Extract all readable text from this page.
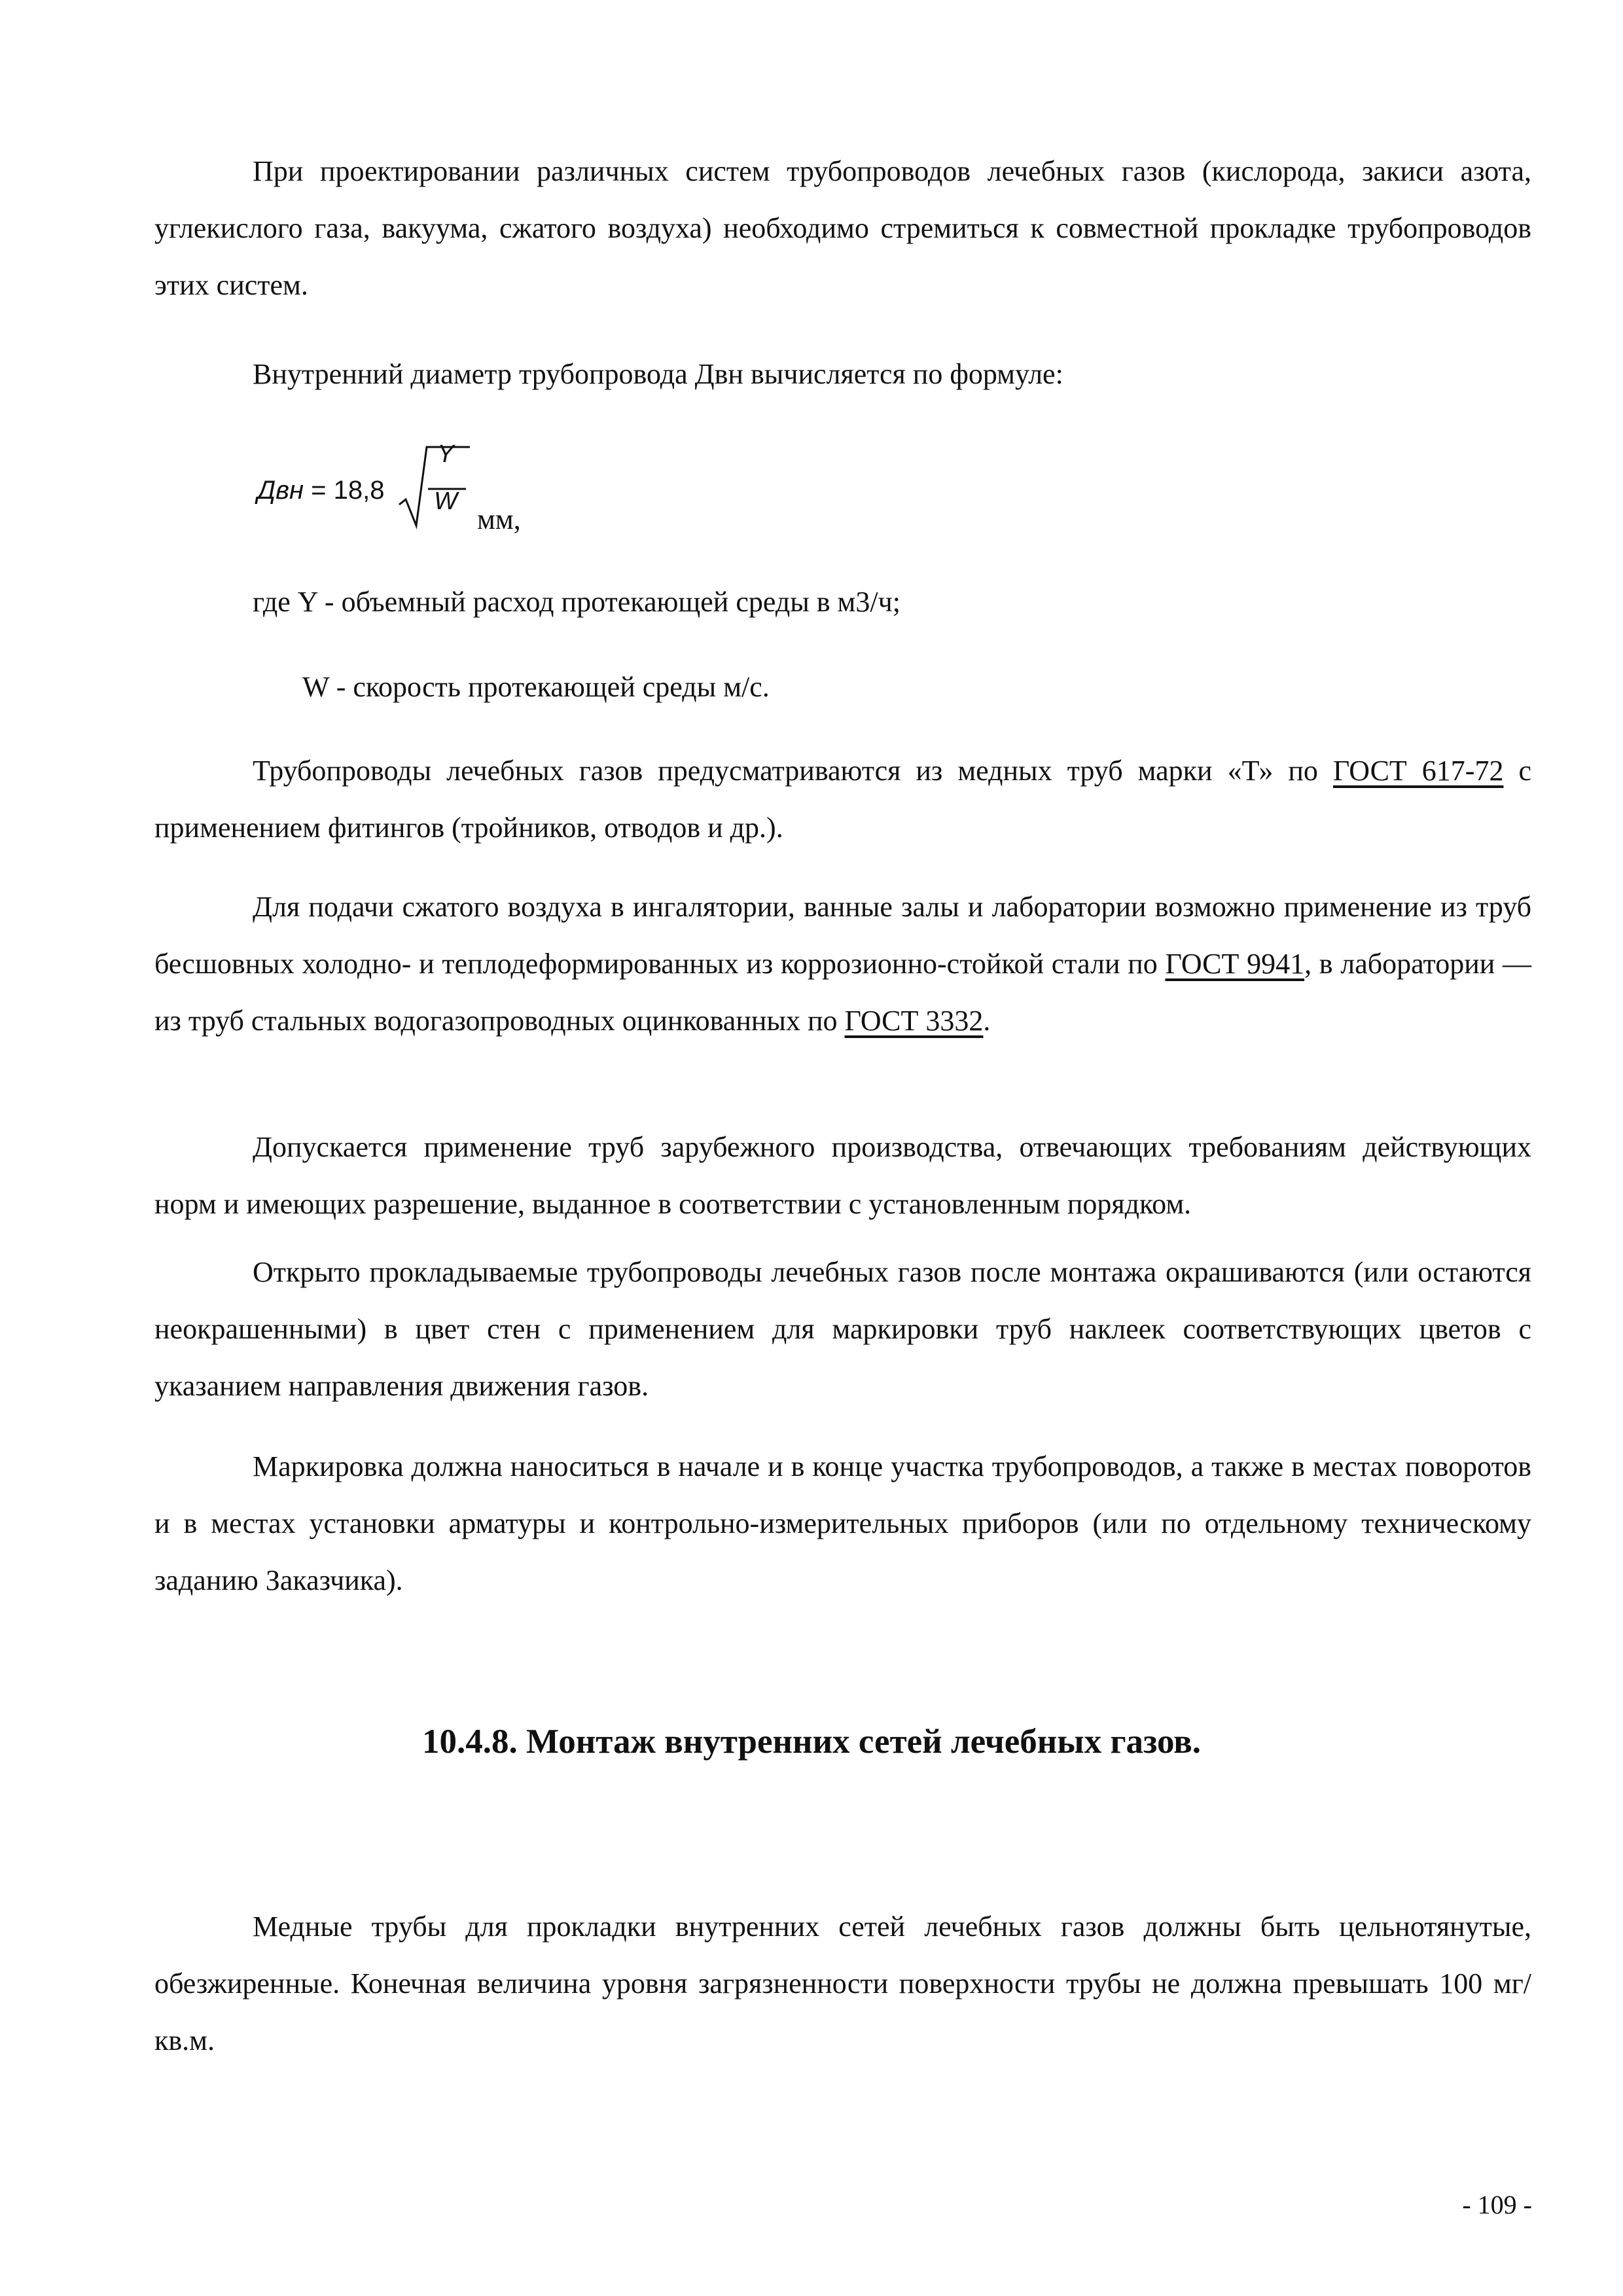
При проектировании различных систем трубопроводов лечебных газов (кислорода, закиси азота, углекислого газа, вакуума, сжатого воздуха) необходимо стремиться к совместной прокладке трубопроводов этих систем.

Внутренний диаметр трубопровода Двн вычисляется по формуле:

Двн = 18,8
Y
W
мм,

где Y - объемный расход протекающей среды в м3/ч;

W - скорость протекающей среды м/с.

Трубопроводы лечебных газов предусматриваются из медных труб марки «Т» по ГОСТ 617-72 с применением фитингов (тройников, отводов и др.).

Для подачи сжатого воздуха в ингалятории, ванные залы и лаборатории возможно применение из труб бесшовных холодно- и теплодеформированных из коррозионно-стойкой стали по ГОСТ 9941, в лаборатории — из труб стальных водогазопроводных оцинкованных по ГОСТ 3332.

Допускается применение труб зарубежного производства, отвечающих требованиям действующих норм и имеющих разрешение, выданное в соответствии с установленным порядком.

Открыто прокладываемые трубопроводы лечебных газов после монтажа окрашиваются (или остаются неокрашенными) в цвет стен с применением для маркировки труб наклеек соответствующих цветов с указанием направления движения газов.

Маркировка должна наноситься в начале и в конце участка трубопроводов, а также в местах поворотов и в местах установки арматуры и контрольно-измерительных приборов (или по отдельному техническому заданию Заказчика).

10.4.8. Монтаж внутренних сетей лечебных газов.

Медные трубы для прокладки внутренних сетей лечебных газов должны быть цельнотянутые, обезжиренные. Конечная величина уровня загрязненности поверхности трубы не должна превышать 100 мг/кв.м.

- 109 -
